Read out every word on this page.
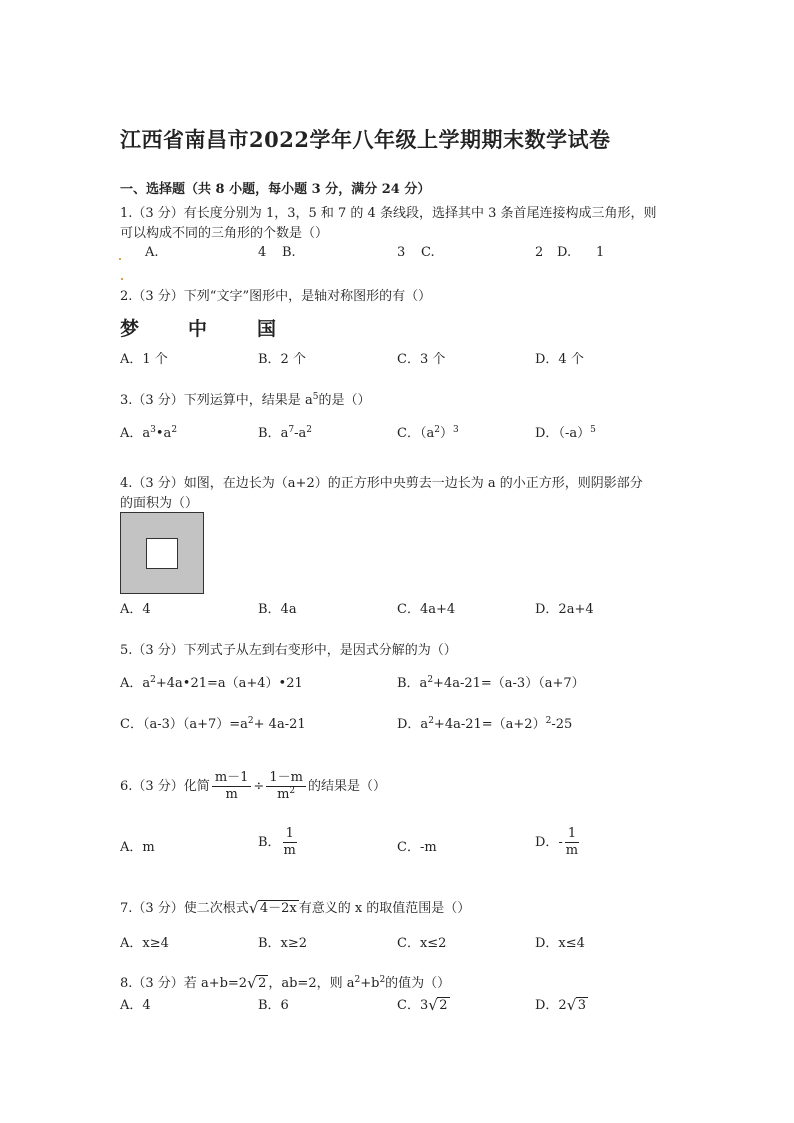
江西省南昌市2022学年八年级上学期期末数学试卷
一、选择题（共 8 小题，每小题 3 分，满分 24 分）
1.（3 分）有长度分别为 1，3，5 和 7 的 4 条线段，选择其中 3 条首尾连接构成三角形，则
可以构成不同的三角形的个数是（）
A.	4 B.	3 C.	2 D. 1
2.（3 分）下列“文字”图形中，是轴对称图形的有（）
梦	中	国
A．1 个	B．2 个	C．3 个	D．4 个
3.（3 分）下列运算中，结果是 $a^5$的是（）
A．$a^3•a^2$	B．$a^7-a^2$	C．$(a^2)^3$	D．$(-a)^5$
4.（3 分）如图，在边长为（a+2）的正方形中央剪去一边长为 a 的小正方形，则阴影部分
的面积为（）
A．4	B．4a	C．4a+4	D．2a+4
5.（3 分）下列式子从左到右变形中，是因式分解的为（）
A．$a^2+4a•21=a(a+4)•21$	B．$a^2+4a-21=(a-3)(a+7)$
C．$(a-3)(a+7)=a^2+ 4a-21$	D．$a^2+4a-21=(a+2)^2-25$
6.（3 分）化简 $\frac{m-1}{m} \div \frac{1-m}{m^2}$ 的结果是（）
A．m	B． $\frac{1}{m}$	C．-m	D．- $\frac{1}{m}$
7.（3 分）使二次根式 √ 4－2x 有意义的 x 的取值范围是（）
A．x≥4	B．x≥2	C．x≤2	D．x≤4
8.（3 分）若 a+b=2 √ 2 ，ab=2，则 $a^2+b^2$的值为（）
A．4	B．6	C．3 √ 2	D．2 √ 3
